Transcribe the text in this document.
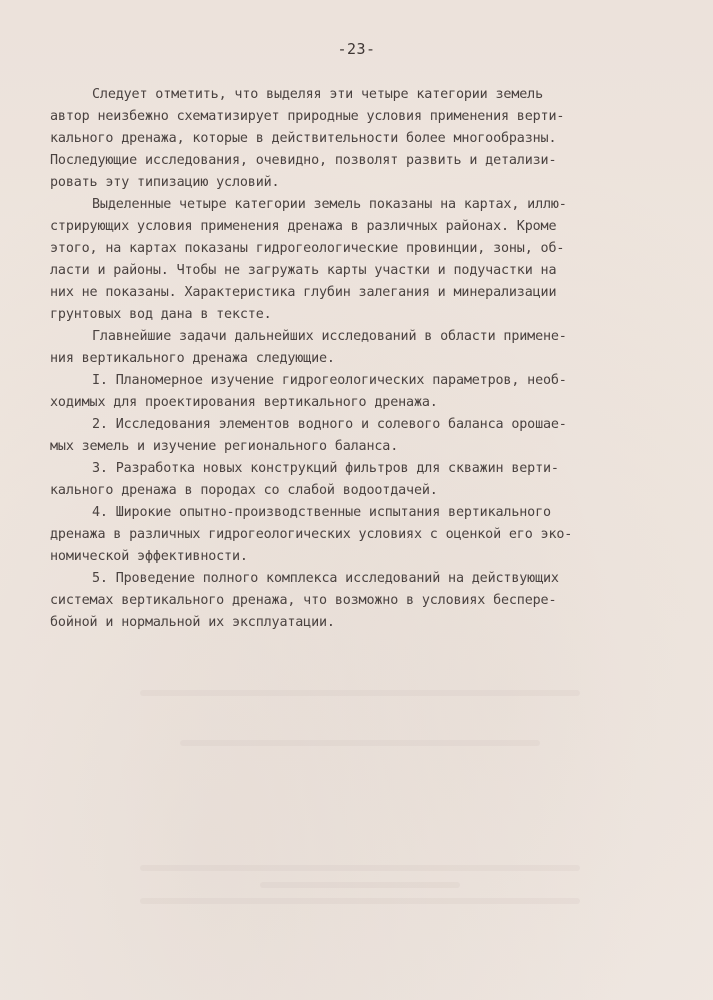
-23-
Следует отметить, что выделяя эти четыре категории земель
автор неизбежно схематизирует природные условия применения верти-
кального дренажа, которые в действительности более многообразны.
Последующие исследования, очевидно, позволят развить и детализи-
ровать эту типизацию условий.
Выделенные четыре категории земель показаны на картах, иллю-
стрирующих условия применения дренажа в различных районах. Кроме
этого, на картах показаны гидрогеологические провинции, зоны, об-
ласти и районы. Чтобы не загружать карты участки и подучастки на
них не показаны. Характеристика глубин залегания и минерализации
грунтовых вод дана в тексте.
Главнейшие задачи дальнейших исследований в области примене-
ния вертикального дренажа следующие.
I. Планомерное изучение гидрогеологических параметров, необ-
ходимых для проектирования вертикального дренажа.
2. Исследования элементов водного и солевого баланса орошае-
мых земель и изучение регионального баланса.
3. Разработка новых конструкций фильтров для скважин верти-
кального дренажа в породах со слабой водоотдачей.
4. Широкие опытно-производственные испытания вертикального
дренажа в различных гидрогеологических условиях с оценкой его эко-
номической эффективности.
5. Проведение полного комплекса исследований на действующих
системах вертикального дренажа, что возможно в условиях беспере-
бойной и нормальной их эксплуатации.
